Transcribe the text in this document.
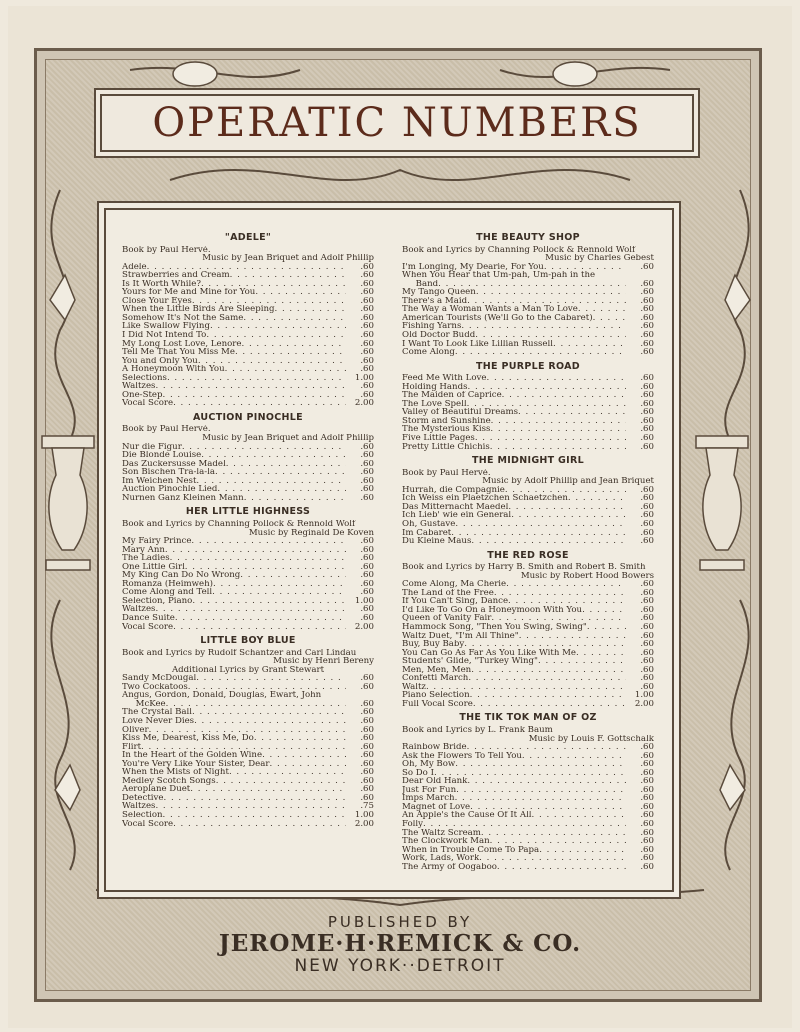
OPERATIC NUMBERS
"ADELE"
Book by Paul Hervé.
Music by Jean Briquet and Adolf Phillip
Adele . . .	.60
Strawberries and Cream . . .	.60
Is It Worth While? . . .	.60
Yours for Me and Mine for You . . .	.60
Close Your Eyes . . .	.60
When the Little Birds Are Sleeping . . .	.60
Somehow It's Not the Same . . .	.60
Like Swallow Flying . . .	.60
I Did Not Intend To . . .	.60
My Long Lost Love, Lenore . . .	.60
Tell Me That You Miss Me . . .	.60
You and Only You . . .	.60
A Honeymoon With You . . .	.60
Selections . . .	1.00
Waltzes . . .	.60
One-Step . . .	.60
Vocal Score . . .	2.00
AUCTION PINOCHLE
Book by Paul Hervé.
Music by Jean Briquet and Adolf Phillip
Nur die Figur . . .	.60
Die Blonde Louise . . .	.60
Das Zuckersusse Madel . . .	.60
Son Bischen Tra-la-la . . .	.60
Im Weichen Nest . . .	.60
Auction Pinochle Lied . . .	.60
Nurnen Ganz Kleinen Mann . . .	.60
HER LITTLE HIGHNESS
Book and Lyrics by Channing Pollock & Rennold Wolf
Music by Reginald De Koven
My Fairy Prince . . .	.60
Mary Ann . . .	.60
The Ladies . . .	.60
One Little Girl . . .	.60
My King Can Do No Wrong . . .	.60
Romanza (Heimweh) . . .	.60
Come Along and Tell . . .	.60
Selection, Piano . . .	1.00
Waltzes . . .	.60
Dance Suite . . .	.60
Vocal Score . . .	2.00
LITTLE BOY BLUE
Book and Lyrics by Rudolf Schantzer and Carl Lindau
Music by Henri Bereny
Additional Lyrics by Grant Stewart
Sandy McDougal . . .	.60
Two Cockatoos . . .	.60
Angus, Gordon, Donald, Douglas, Ewart, John
McKee . . .	.60
The Crystal Ball . . .	.60
Love Never Dies . . .	.60
Oliver . . .	.60
Kiss Me, Dearest, Kiss Me, Do . . .	.60
Flirt . . .	.60
In the Heart of the Golden Wine . . .	.60
You're Very Like Your Sister, Dear . . .	.60
When the Mists of Night . . .	.60
Medley Scotch Songs . . .	.60
Aeroplane Duet . . .	.60
Detective . . .	.60
Waltzes . . .	.75
Selection . . .	1.00
Vocal Score . . .	2.00
THE BEAUTY SHOP
Book and Lyrics by Channing Pollock & Rennold Wolf
Music by Charles Gebest
I'm Longing, My Dearie, For You . . .	.60
When You Hear that Um-pah, Um-pah in the
Band . . .	.60
My Tango Queen . . .	.60
There's a Maid . . .	.60
The Way a Woman Wants a Man To Love . . .	.60
American Tourists (We'll Go to the Cabaret) . . .	.60
Fishing Yarns . . .	.60
Old Doctor Budd . . .	.60
I Want To Look Like Lillian Russell . . .	.60
Come Along . . .	.60
THE PURPLE ROAD
Feed Me With Love . . .	.60
Holding Hands . . .	.60
The Maiden of Caprice . . .	.60
The Love Spell . . .	.60
Valley of Beautiful Dreams . . .	.60
Storm and Sunshine . . .	.60
The Mysterious Kiss . . .	.60
Five Little Pages . . .	.60
Pretty Little Chichis . . .	.60
THE MIDNIGHT GIRL
Book by Paul Hervé.
Music by Adolf Phillip and Jean Briquet
Hurrah, die Compagnie . . .	.60
Ich Weiss ein Plaetzchen Schaetzchen . . .	.60
Das Mitternacht Maedel . . .	.60
Ich Lieb' wie ein General . . .	.60
Oh, Gustave . . .	.60
Im Cabaret . . .	.60
Du Kleine Maus . . .	.60
THE RED ROSE
Book and Lyrics by Harry B. Smith and Robert B. Smith
Music by Robert Hood Bowers
Come Along, Ma Cherie . . .	.60
The Land of the Free . . .	.60
If You Can't Sing, Dance . . .	.60
I'd Like To Go On a Honeymoon With You . . .	.60
Queen of Vanity Fair . . .	.60
Hammock Song, "Then You Swing, Swing" . . .	.60
Waltz Duet, "I'm All Thine" . . .	.60
Buy, Buy Baby . . .	.60
You Can Go As Far As You Like With Me . . .	.60
Students' Glide, "Turkey Wing" . . .	.60
Men, Men, Men . . .	.60
Confetti March . . .	.60
Waltz . . .	.60
Piano Selection . . .	1.00
Full Vocal Score . . .	2.00
THE TIK TOK MAN OF OZ
Book and Lyrics by L. Frank Baum
Music by Louis F. Gottschalk
Rainbow Bride . . .	.60
Ask the Flowers To Tell You . . .	.60
Oh, My Bow . . .	.60
So Do I . . .	.60
Dear Old Hank . . .	.60
Just For Fun . . .	.60
Imps March . . .	.60
Magnet of Love . . .	.60
An Apple's the Cause Of It All . . .	.60
Folly . . .	.60
The Waltz Scream . . .	.60
The Clockwork Man . . .	.60
When in Trouble Come To Papa . . .	.60
Work, Lads, Work . . .	.60
The Army of Oogaboo . . .	.60
PUBLISHED BY
JEROME·H·REMICK & CO.
NEW YORK··DETROIT
